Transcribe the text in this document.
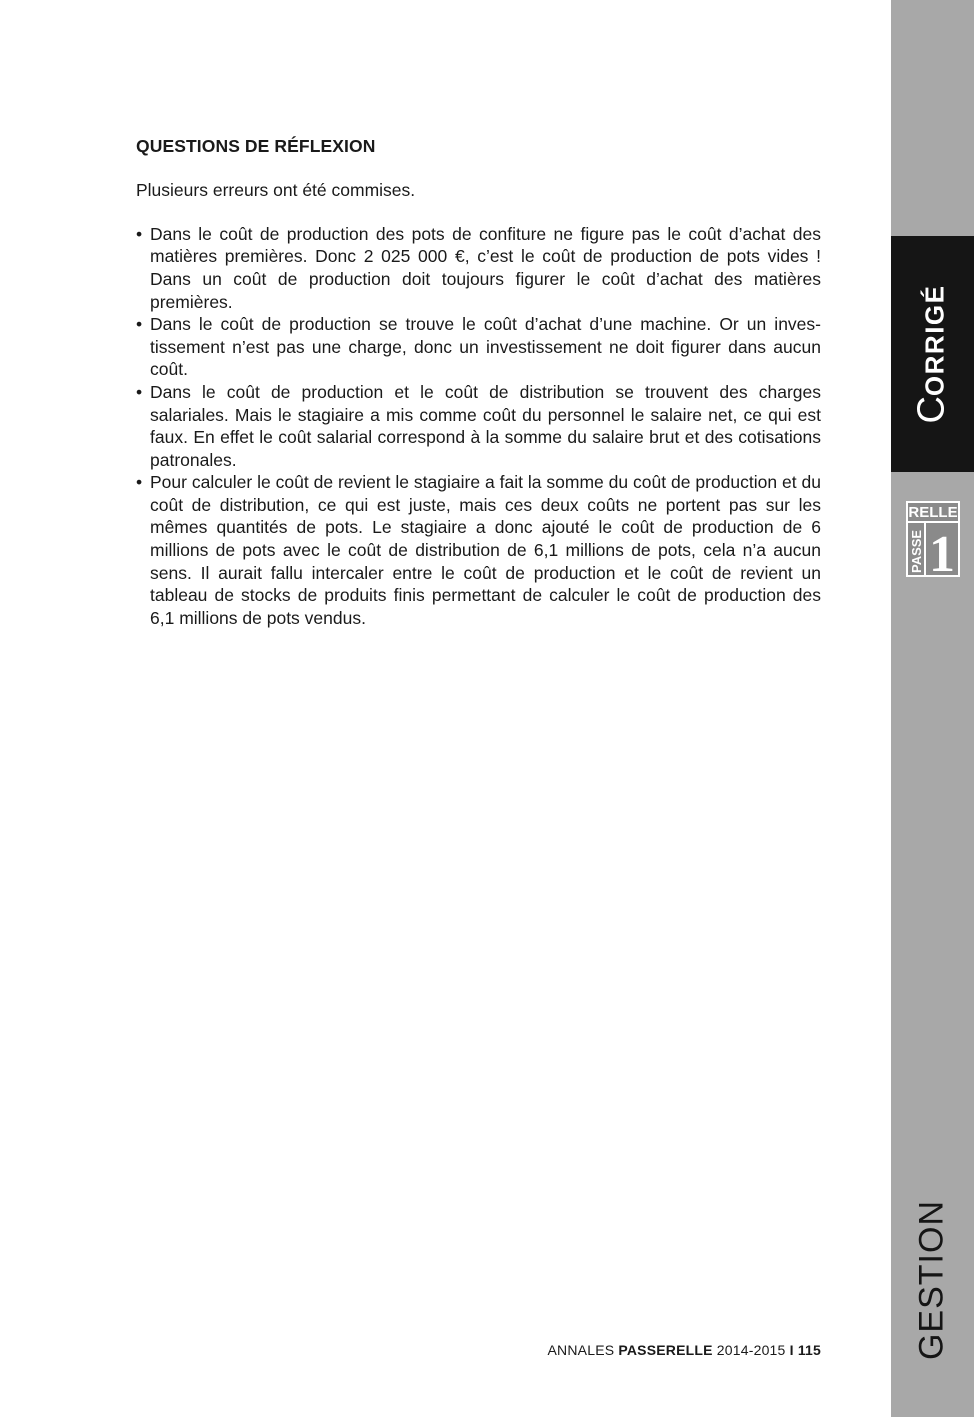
CORRIGÉ
RELLE
PASSE 1
GESTION
QUESTIONS DE RÉFLEXION

Plusieurs erreurs ont été commises.

• Dans le coût de production des pots de confiture ne figure pas le coût d’achat des matières premières. Donc 2 025 000 €, c’est le coût de production de pots vides ! Dans un coût de production doit toujours figurer le coût d’achat des matières premières.
• Dans le coût de production se trouve le coût d’achat d’une machine. Or un investissement n’est pas une charge, donc un investissement ne doit figurer dans aucun coût.
• Dans le coût de production et le coût de distribution se trouvent des charges salariales. Mais le stagiaire a mis comme coût du personnel le salaire net, ce qui est faux. En effet le coût salarial correspond à la somme du salaire brut et des cotisations patronales.
• Pour calculer le coût de revient le stagiaire a fait la somme du coût de production et du coût de distribution, ce qui est juste, mais ces deux coûts ne portent pas sur les mêmes quantités de pots. Le stagiaire a donc ajouté le coût de production de 6 millions de pots avec le coût de distribution de 6,1 millions de pots, cela n’a aucun sens. Il aurait fallu intercaler entre le coût de production et le coût de revient un tableau de stocks de produits finis permettant de calculer le coût de production des 6,1 millions de pots vendus.
ANNALES PASSERELLE 2014-2015 I 115
